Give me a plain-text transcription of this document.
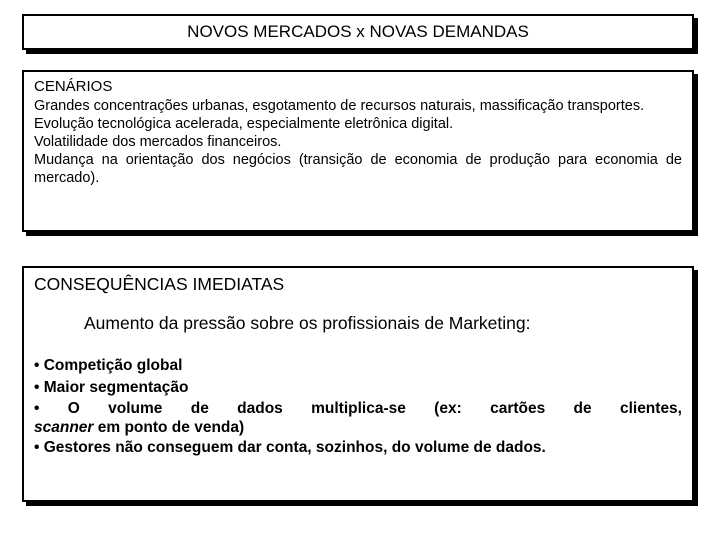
NOVOS MERCADOS x NOVAS DEMANDAS
CENÁRIOS
Grandes concentrações urbanas, esgotamento de recursos naturais, massificação transportes.
Evolução tecnológica acelerada, especialmente eletrônica digital.
Volatilidade dos mercados financeiros.
Mudança na orientação dos negócios (transição de economia de produção para economia de mercado).
CONSEQUÊNCIAS IMEDIATAS
Aumento da pressão sobre os profissionais de Marketing:
• Competição global
• Maior segmentação
• O volume de dados multiplica-se (ex: cartões de clientes,
scanner em ponto de venda)
• Gestores não conseguem dar conta, sozinhos, do volume de dados.
